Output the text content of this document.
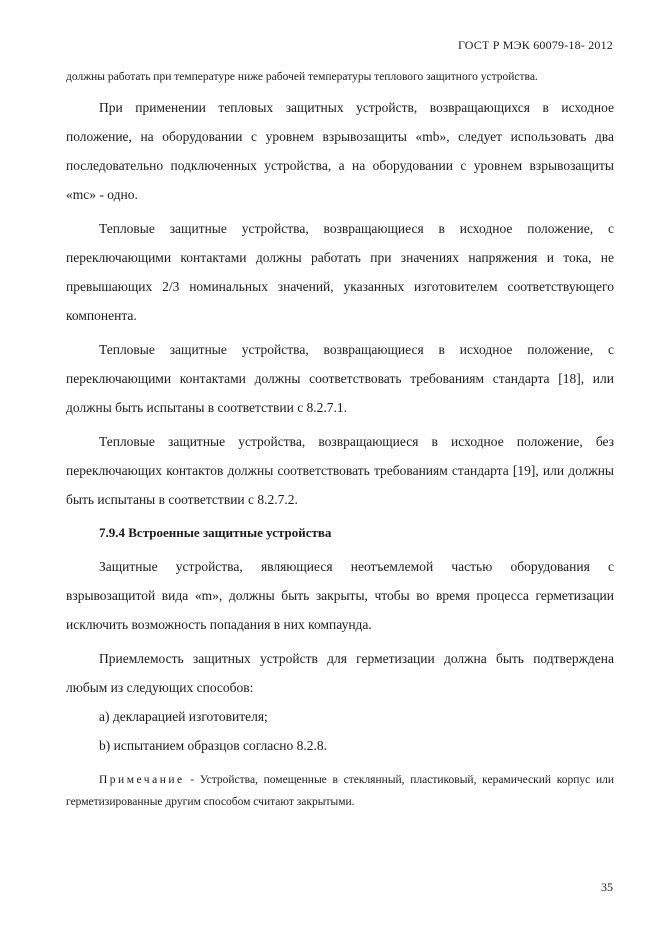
ГОСТ Р МЭК 60079-18- 2012

должны работать при температуре ниже рабочей температуры теплового защитного устройства.

При применении тепловых защитных устройств, возвращающихся в исходное положение, на оборудовании с уровнем взрывозащиты «mb», следует использовать два последовательно подключенных устройства, а на оборудовании с уровнем взрывозащиты «mc» - одно.

Тепловые защитные устройства, возвращающиеся в исходное положение, с переключающими контактами должны работать при значениях напряжения и тока, не превышающих 2/3 номинальных значений, указанных изготовителем соответствующего компонента.

Тепловые защитные устройства, возвращающиеся в исходное положение, с переключающими контактами должны соответствовать требованиям стандарта [18], или должны быть испытаны в соответствии с 8.2.7.1.

Тепловые защитные устройства, возвращающиеся в исходное положение, без переключающих контактов должны соответствовать требованиям стандарта [19], или должны быть испытаны в соответствии с 8.2.7.2.

7.9.4 Встроенные защитные устройства

Защитные устройства, являющиеся неотъемлемой частью оборудования с взрывозащитой вида «m», должны быть закрыты, чтобы во время процесса герметизации исключить возможность попадания в них компаунда.

Приемлемость защитных устройств для герметизации должна быть подтверждена любым из следующих способов:

а) декларацией изготовителя;

b) испытанием образцов согласно 8.2.8.

Примечание - Устройства, помещенные в стеклянный, пластиковый, керамический корпус или герметизированные другим способом считают закрытыми.

35
